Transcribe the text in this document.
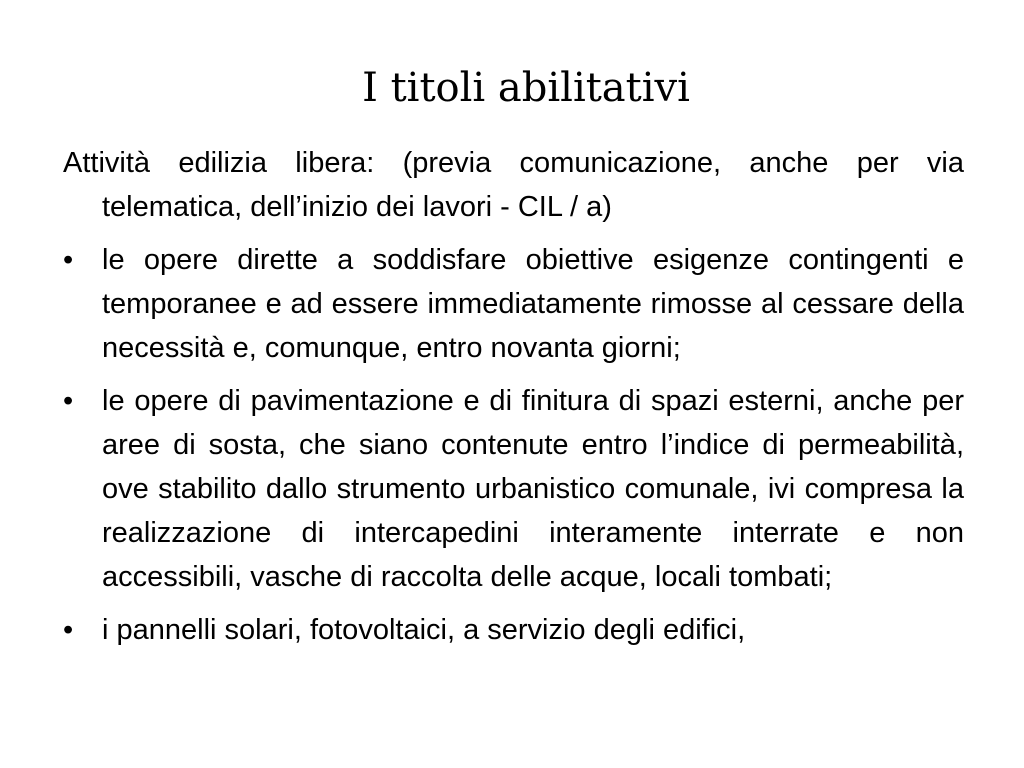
I titoli abilitativi

Attività edilizia libera: (previa comunicazione, anche per via telematica, dell’inizio dei lavori - CIL / a)

• le opere dirette a soddisfare obiettive esigenze contingenti e temporanee e ad essere immediatamente rimosse al cessare della necessità e, comunque, entro novanta giorni;
• le opere di pavimentazione e di finitura di spazi esterni, anche per aree di sosta, che siano contenute entro l’indice di permeabilità, ove stabilito dallo strumento urbanistico comunale, ivi compresa la realizzazione di intercapedini interamente interrate e non accessibili, vasche di raccolta delle acque, locali tombati;
• i pannelli solari, fotovoltaici, a servizio degli edifici,
